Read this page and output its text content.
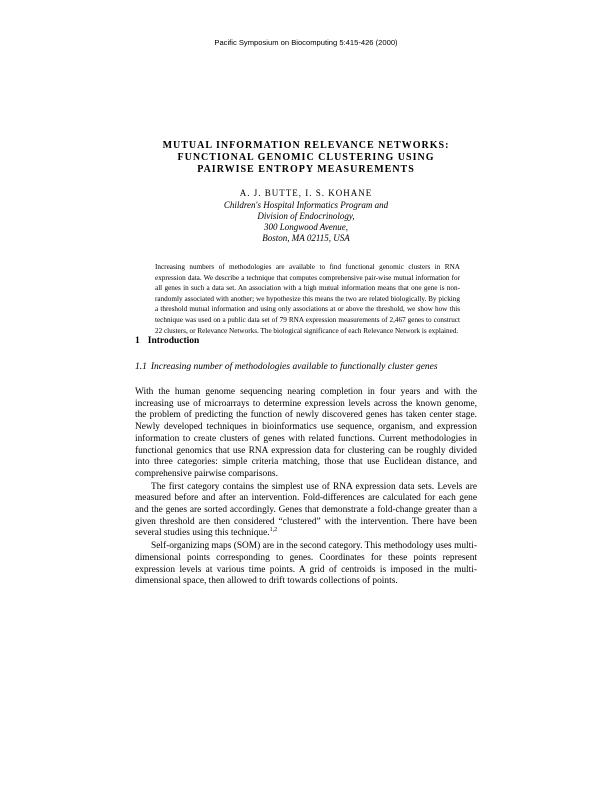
Pacific Symposium on Biocomputing 5:415-426 (2000)
MUTUAL INFORMATION RELEVANCE NETWORKS:
FUNCTIONAL GENOMIC CLUSTERING USING
PAIRWISE ENTROPY MEASUREMENTS
A. J. BUTTE, I. S. KOHANE
Children's Hospital Informatics Program and
Division of Endocrinology,
300 Longwood Avenue,
Boston, MA 02115, USA
Increasing numbers of methodologies are available to find functional genomic clusters in RNA expression data. We describe a technique that computes comprehensive pair-wise mutual information for all genes in such a data set. An association with a high mutual information means that one gene is non-randomly associated with another; we hypothesize this means the two are related biologically. By picking a threshold mutual information and using only associations at or above the threshold, we show how this technique was used on a public data set of 79 RNA expression measurements of 2,467 genes to construct 22 clusters, or Relevance Networks. The biological significance of each Relevance Network is explained.
1 Introduction
1.1 Increasing number of methodologies available to functionally cluster genes

With the human genome sequencing nearing completion in four years and with the increasing use of microarrays to determine expression levels across the known genome, the problem of predicting the function of newly discovered genes has taken center stage. Newly developed techniques in bioinformatics use sequence, organism, and expression information to create clusters of genes with related functions. Current methodologies in functional genomics that use RNA expression data for clustering can be roughly divided into three categories: simple criteria matching, those that use Euclidean distance, and comprehensive pairwise comparisons.

The first category contains the simplest use of RNA expression data sets. Levels are measured before and after an intervention. Fold-differences are calculated for each gene and the genes are sorted accordingly. Genes that demonstrate a fold-change greater than a given threshold are then considered “clustered” with the intervention. There have been several studies using this technique.$^{1,2}$

Self-organizing maps (SOM) are in the second category. This methodology uses multi-dimensional points corresponding to genes. Coordinates for these points represent expression levels at various time points. A grid of centroids is imposed in the multi-dimensional space, then allowed to drift towards collections of points.
